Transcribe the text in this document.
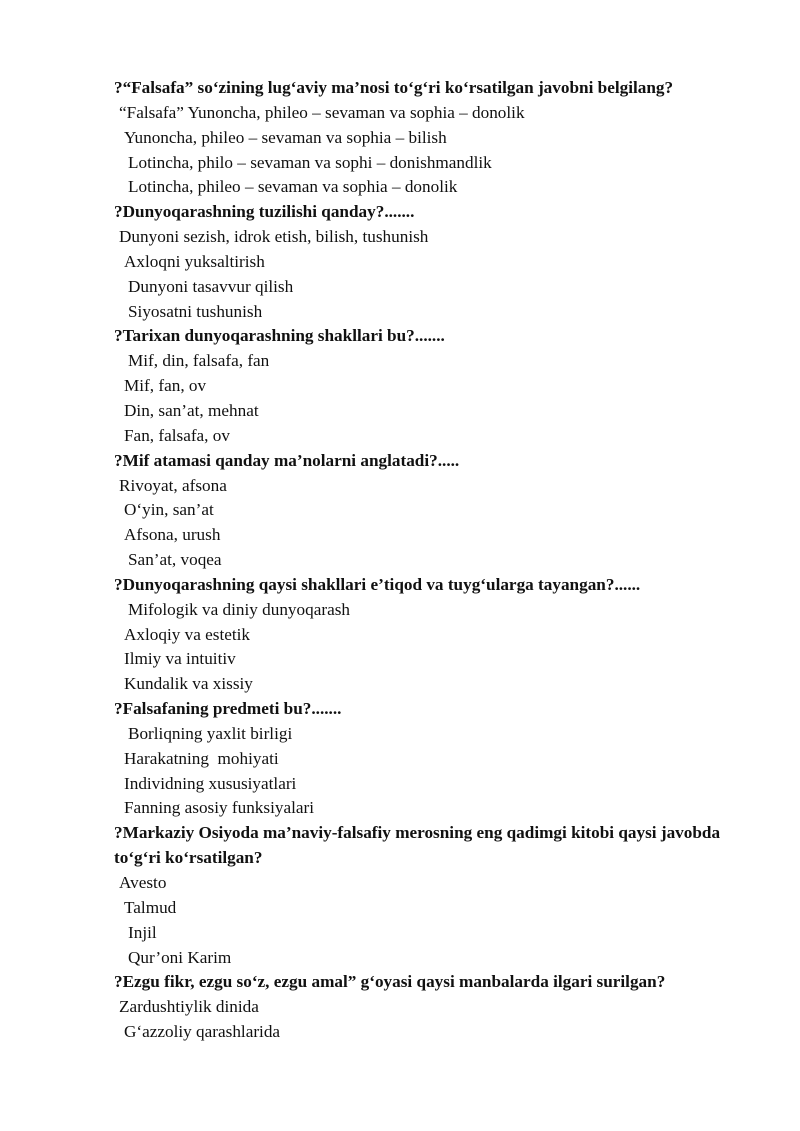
?“Falsafa” so‘zining lug‘aviy ma’nosi to‘g‘ri ko‘rsatilgan javobni belgilang?
“Falsafa” Yunoncha, phileo – sevaman va sophia – donolik
Yunoncha, phileo – sevaman va sophia – bilish
Lotincha, philo – sevaman va sophi – donishmandlik
Lotincha, phileo – sevaman va sophia – donolik
?Dunyoqarashning tuzilishi qanday?.......
Dunyoni sezish, idrok etish, bilish, tushunish
Axloqni yuksaltirish
Dunyoni tasavvur qilish
Siyosatni tushunish
?Tarixan dunyoqarashning shakllari bu?.......
Mif, din, falsafa, fan
Mif, fan, ov
Din, san’at, mehnat
Fan, falsafa, ov
?Mif atamasi qanday ma’nolarni anglatadi?.....
Rivoyat, afsona
O‘yin, san’at
Afsona, urush
San’at, voqea
?Dunyoqarashning qaysi shakllari e’tiqod va tuyg‘ularga tayangan?......
Mifologik va diniy dunyoqarash
Axloqiy va estetik
Ilmiy va intuitiv
Kundalik va xissiy
?Falsafaning predmeti bu?.......
Borliqning yaxlit birligi
Harakatning  mohiyati
Individning xususiyatlari
Fanning asosiy funksiyalari
?Markaziy Osiyoda ma’naviy-falsafiy merosning eng qadimgi kitobi qaysi javobda to‘g‘ri ko‘rsatilgan?
Avesto
Talmud
Injil
Qur’oni Karim
?Ezgu fikr, ezgu so‘z, ezgu amal” g‘oyasi qaysi manbalarda ilgari surilgan?
Zardushtiylik dinida
G‘azzoliy qarashlarida
